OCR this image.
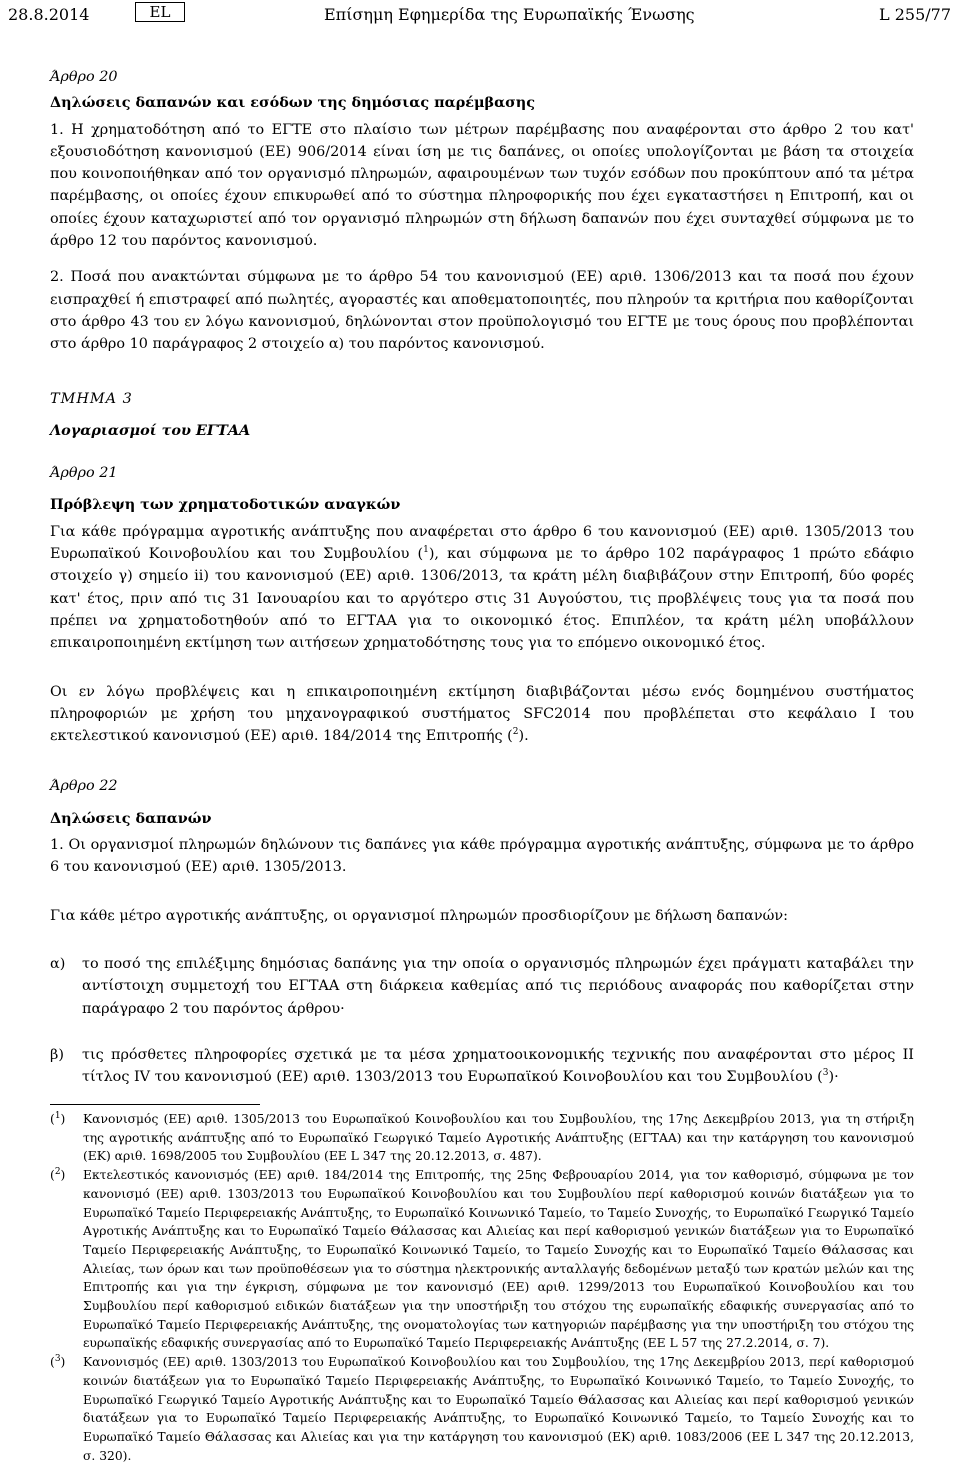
28.8.2014	EL	Επίσημη Εφημερίδα της Ευρωπαϊκής Ένωσης	L 255/77

Άρθρο 20

Δηλώσεις δαπανών και εσόδων της δημόσιας παρέμβασης

1. Η χρηματοδότηση από το ΕΓΤΕ στο πλαίσιο των μέτρων παρέμβασης που αναφέρονται στο άρθρο 2 του κατ' εξουσιοδότηση κανονισμού (ΕΕ) 906/2014 είναι ίση με τις δαπάνες, οι οποίες υπολογίζονται με βάση τα στοιχεία που κοινοποιήθηκαν από τον οργανισμό πληρωμών, αφαιρουμένων των τυχόν εσόδων που προκύπτουν από τα μέτρα παρέμβασης, οι οποίες έχουν επικυρωθεί από το σύστημα πληροφορικής που έχει εγκαταστήσει η Επιτροπή, και οι οποίες έχουν καταχωριστεί από τον οργανισμό πληρωμών στη δήλωση δαπανών που έχει συνταχθεί σύμφωνα με το άρθρο 12 του παρόντος κανονισμού.

2. Ποσά που ανακτώνται σύμφωνα με το άρθρο 54 του κανονισμού (ΕΕ) αριθ. 1306/2013 και τα ποσά που έχουν εισπραχθεί ή επιστραφεί από πωλητές, αγοραστές και αποθεματοποιητές, που πληρούν τα κριτήρια που καθορίζονται στο άρθρο 43 του εν λόγω κανονισμού, δηλώνονται στον προϋπολογισμό του ΕΓΤΕ με τους όρους που προβλέπονται στο άρθρο 10 παράγραφος 2 στοιχείο α) του παρόντος κανονισμού.

ΤΜΗΜΑ 3

Λογαριασμοί του ΕΓΤΑΑ

Άρθρο 21

Πρόβλεψη των χρηματοδοτικών αναγκών

Για κάθε πρόγραμμα αγροτικής ανάπτυξης που αναφέρεται στο άρθρο 6 του κανονισμού (ΕΕ) αριθ. 1305/2013 του Ευρωπαϊκού Κοινοβουλίου και του Συμβουλίου ($^1$), και σύμφωνα με το άρθρο 102 παράγραφος 1 πρώτο εδάφιο στοιχείο γ) σημείο ii) του κανονισμού (ΕΕ) αριθ. 1306/2013, τα κράτη μέλη διαβιβάζουν στην Επιτροπή, δύο φορές κατ' έτος, πριν από τις 31 Ιανουαρίου και το αργότερο στις 31 Αυγούστου, τις προβλέψεις τους για τα ποσά που πρέπει να χρηματοδοτηθούν από το ΕΓΤΑΑ για το οικονομικό έτος. Επιπλέον, τα κράτη μέλη υποβάλλουν επικαιροποιημένη εκτίμηση των αιτήσεων χρηματοδότησης τους για το επόμενο οικονομικό έτος.

Οι εν λόγω προβλέψεις και η επικαιροποιημένη εκτίμηση διαβιβάζονται μέσω ενός δομημένου συστήματος πληροφοριών με χρήση του μηχανογραφικού συστήματος SFC2014 που προβλέπεται στο κεφάλαιο I του εκτελεστικού κανονισμού (ΕΕ) αριθ. 184/2014 της Επιτροπής ($^2$).

Άρθρο 22

Δηλώσεις δαπανών

1. Οι οργανισμοί πληρωμών δηλώνουν τις δαπάνες για κάθε πρόγραμμα αγροτικής ανάπτυξης, σύμφωνα με το άρθρο 6 του κανονισμού (ΕΕ) αριθ. 1305/2013.

Για κάθε μέτρο αγροτικής ανάπτυξης, οι οργανισμοί πληρωμών προσδιορίζουν με δήλωση δαπανών:

α)	το ποσό της επιλέξιμης δημόσιας δαπάνης για την οποία ο οργανισμός πληρωμών έχει πράγματι καταβάλει την αντίστοιχη συμμετοχή του ΕΓΤΑΑ στη διάρκεια καθεμίας από τις περιόδους αναφοράς που καθορίζεται στην παράγραφο 2 του παρόντος άρθρου·
β)	τις πρόσθετες πληροφορίες σχετικά με τα μέσα χρηματοοικονομικής τεχνικής που αναφέρονται στο μέρος II τίτλος IV του κανονισμού (ΕΕ) αριθ. 1303/2013 του Ευρωπαϊκού Κοινοβουλίου και του Συμβουλίου ($^3$)·
($^1$)	Κανονισμός (ΕΕ) αριθ. 1305/2013 του Ευρωπαϊκού Κοινοβουλίου και του Συμβουλίου, της 17ης Δεκεμβρίου 2013, για τη στήριξη της αγροτικής ανάπτυξης από το Ευρωπαϊκό Γεωργικό Ταμείο Αγροτικής Ανάπτυξης (ΕΓΤΑΑ) και την κατάργηση του κανονισμού (ΕΚ) αριθ. 1698/2005 του Συμβουλίου (ΕΕ L 347 της 20.12.2013, σ. 487).
($^2$)	Εκτελεστικός κανονισμός (ΕΕ) αριθ. 184/2014 της Επιτροπής, της 25ης Φεβρουαρίου 2014, για τον καθορισμό, σύμφωνα με τον κανονισμό (ΕΕ) αριθ. 1303/2013 του Ευρωπαϊκού Κοινοβουλίου και του Συμβουλίου περί καθορισμού κοινών διατάξεων για το Ευρωπαϊκό Ταμείο Περιφερειακής Ανάπτυξης, το Ευρωπαϊκό Κοινωνικό Ταμείο, το Ταμείο Συνοχής, το Ευρωπαϊκό Γεωργικό Ταμείο Αγροτικής Ανάπτυξης και το Ευρωπαϊκό Ταμείο Θάλασσας και Αλιείας και περί καθορισμού γενικών διατάξεων για το Ευρωπαϊκό Ταμείο Περιφερειακής Ανάπτυξης, το Ευρωπαϊκό Κοινωνικό Ταμείο, το Ταμείο Συνοχής και το Ευρωπαϊκό Ταμείο Θάλασσας και Αλιείας, των όρων και των προϋποθέσεων για το σύστημα ηλεκτρονικής ανταλλαγής δεδομένων μεταξύ των κρατών μελών και της Επιτροπής και για την έγκριση, σύμφωνα με τον κανονισμό (ΕΕ) αριθ. 1299/2013 του Ευρωπαϊκού Κοινοβουλίου και του Συμβουλίου περί καθορισμού ειδικών διατάξεων για την υποστήριξη του στόχου της ευρωπαϊκής εδαφικής συνεργασίας από το Ευρωπαϊκό Ταμείο Περιφερειακής Ανάπτυξης, της ονοματολογίας των κατηγοριών παρέμβασης για την υποστήριξη του στόχου της ευρωπαϊκής εδαφικής συνεργασίας από το Ευρωπαϊκό Ταμείο Περιφερειακής Ανάπτυξης (ΕΕ L 57 της 27.2.2014, σ. 7).
($^3$)	Κανονισμός (ΕΕ) αριθ. 1303/2013 του Ευρωπαϊκού Κοινοβουλίου και του Συμβουλίου, της 17ης Δεκεμβρίου 2013, περί καθορισμού κοινών διατάξεων για το Ευρωπαϊκό Ταμείο Περιφερειακής Ανάπτυξης, το Ευρωπαϊκό Κοινωνικό Ταμείο, το Ταμείο Συνοχής, το Ευρωπαϊκό Γεωργικό Ταμείο Αγροτικής Ανάπτυξης και το Ευρωπαϊκό Ταμείο Θάλασσας και Αλιείας και περί καθορισμού γενικών διατάξεων για το Ευρωπαϊκό Ταμείο Περιφερειακής Ανάπτυξης, το Ευρωπαϊκό Κοινωνικό Ταμείο, το Ταμείο Συνοχής και το Ευρωπαϊκό Ταμείο Θάλασσας και Αλιείας και για την κατάργηση του κανονισμού (ΕΚ) αριθ. 1083/2006 (ΕΕ L 347 της 20.12.2013, σ. 320).
